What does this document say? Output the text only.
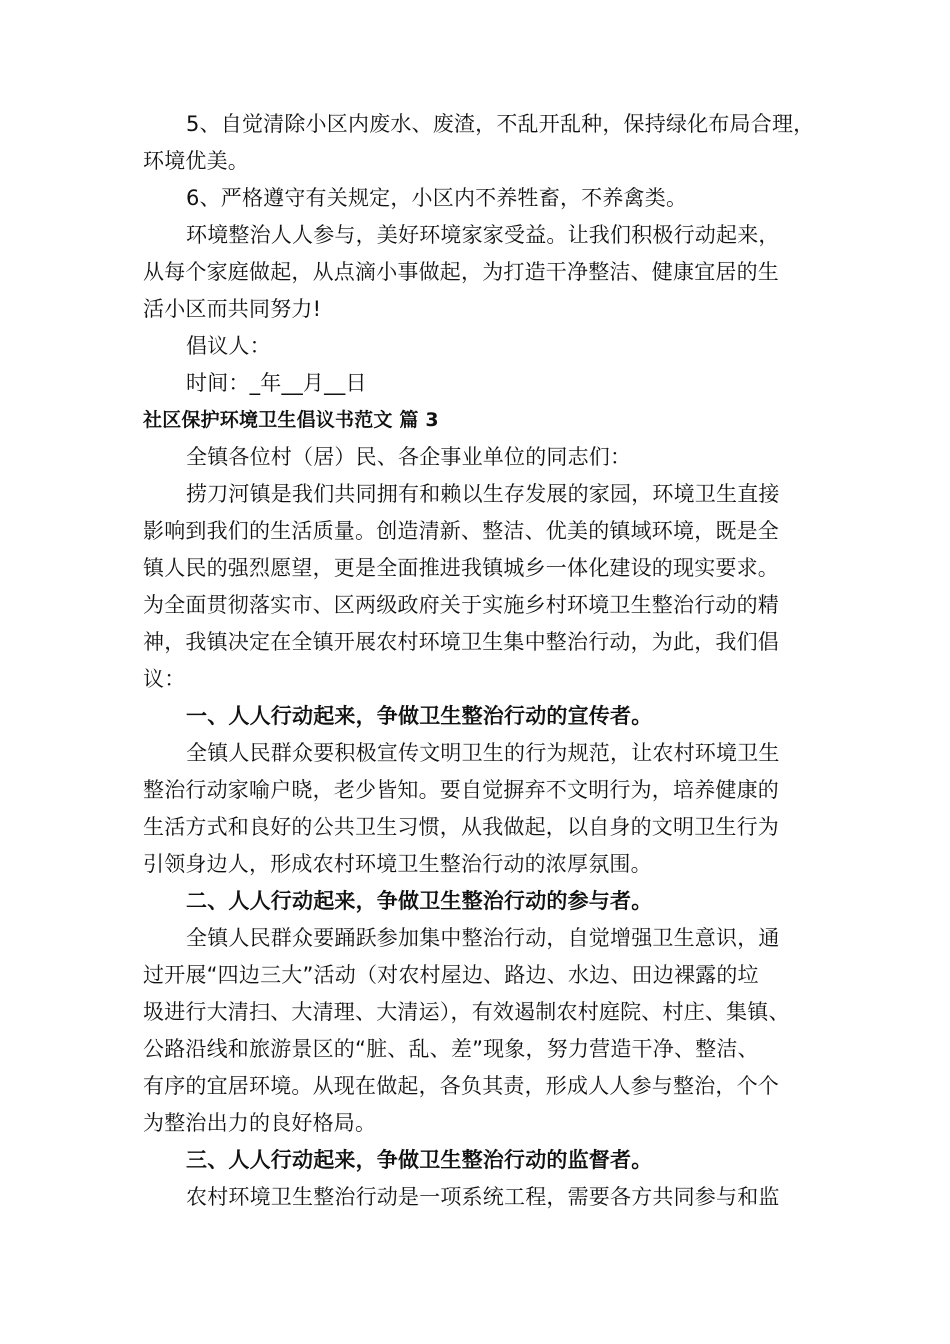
5、自觉清除小区内废水、废渣，不乱开乱种，保持绿化布局合理，
环境优美。
6、严格遵守有关规定，小区内不养牲畜，不养禽类。
环境整治人人参与，美好环境家家受益。让我们积极行动起来，
从每个家庭做起，从点滴小事做起，为打造干净整洁、健康宜居的生
活小区而共同努力!
倡议人：
时间：_年__月__日
社区保护环境卫生倡议书范文 篇 3
全镇各位村（居）民、各企事业单位的同志们：
捞刀河镇是我们共同拥有和赖以生存发展的家园，环境卫生直接
影响到我们的生活质量。创造清新、整洁、优美的镇域环境，既是全
镇人民的强烈愿望，更是全面推进我镇城乡一体化建设的现实要求。
为全面贯彻落实市、区两级政府关于实施乡村环境卫生整治行动的精
神，我镇决定在全镇开展农村环境卫生集中整治行动，为此，我们倡
议：
一、人人行动起来，争做卫生整治行动的宣传者。
全镇人民群众要积极宣传文明卫生的行为规范，让农村环境卫生
整治行动家喻户晓，老少皆知。要自觉摒弃不文明行为，培养健康的
生活方式和良好的公共卫生习惯，从我做起，以自身的文明卫生行为
引领身边人，形成农村环境卫生整治行动的浓厚氛围。
二、人人行动起来，争做卫生整治行动的参与者。
全镇人民群众要踊跃参加集中整治行动，自觉增强卫生意识，通
过开展“四边三大”活动（对农村屋边、路边、水边、田边裸露的垃
圾进行大清扫、大清理、大清运），有效遏制农村庭院、村庄、集镇、
公路沿线和旅游景区的“脏、乱、差”现象，努力营造干净、整洁、
有序的宜居环境。从现在做起，各负其责，形成人人参与整治，个个
为整治出力的良好格局。
三、人人行动起来，争做卫生整治行动的监督者。
农村环境卫生整治行动是一项系统工程，需要各方共同参与和监
